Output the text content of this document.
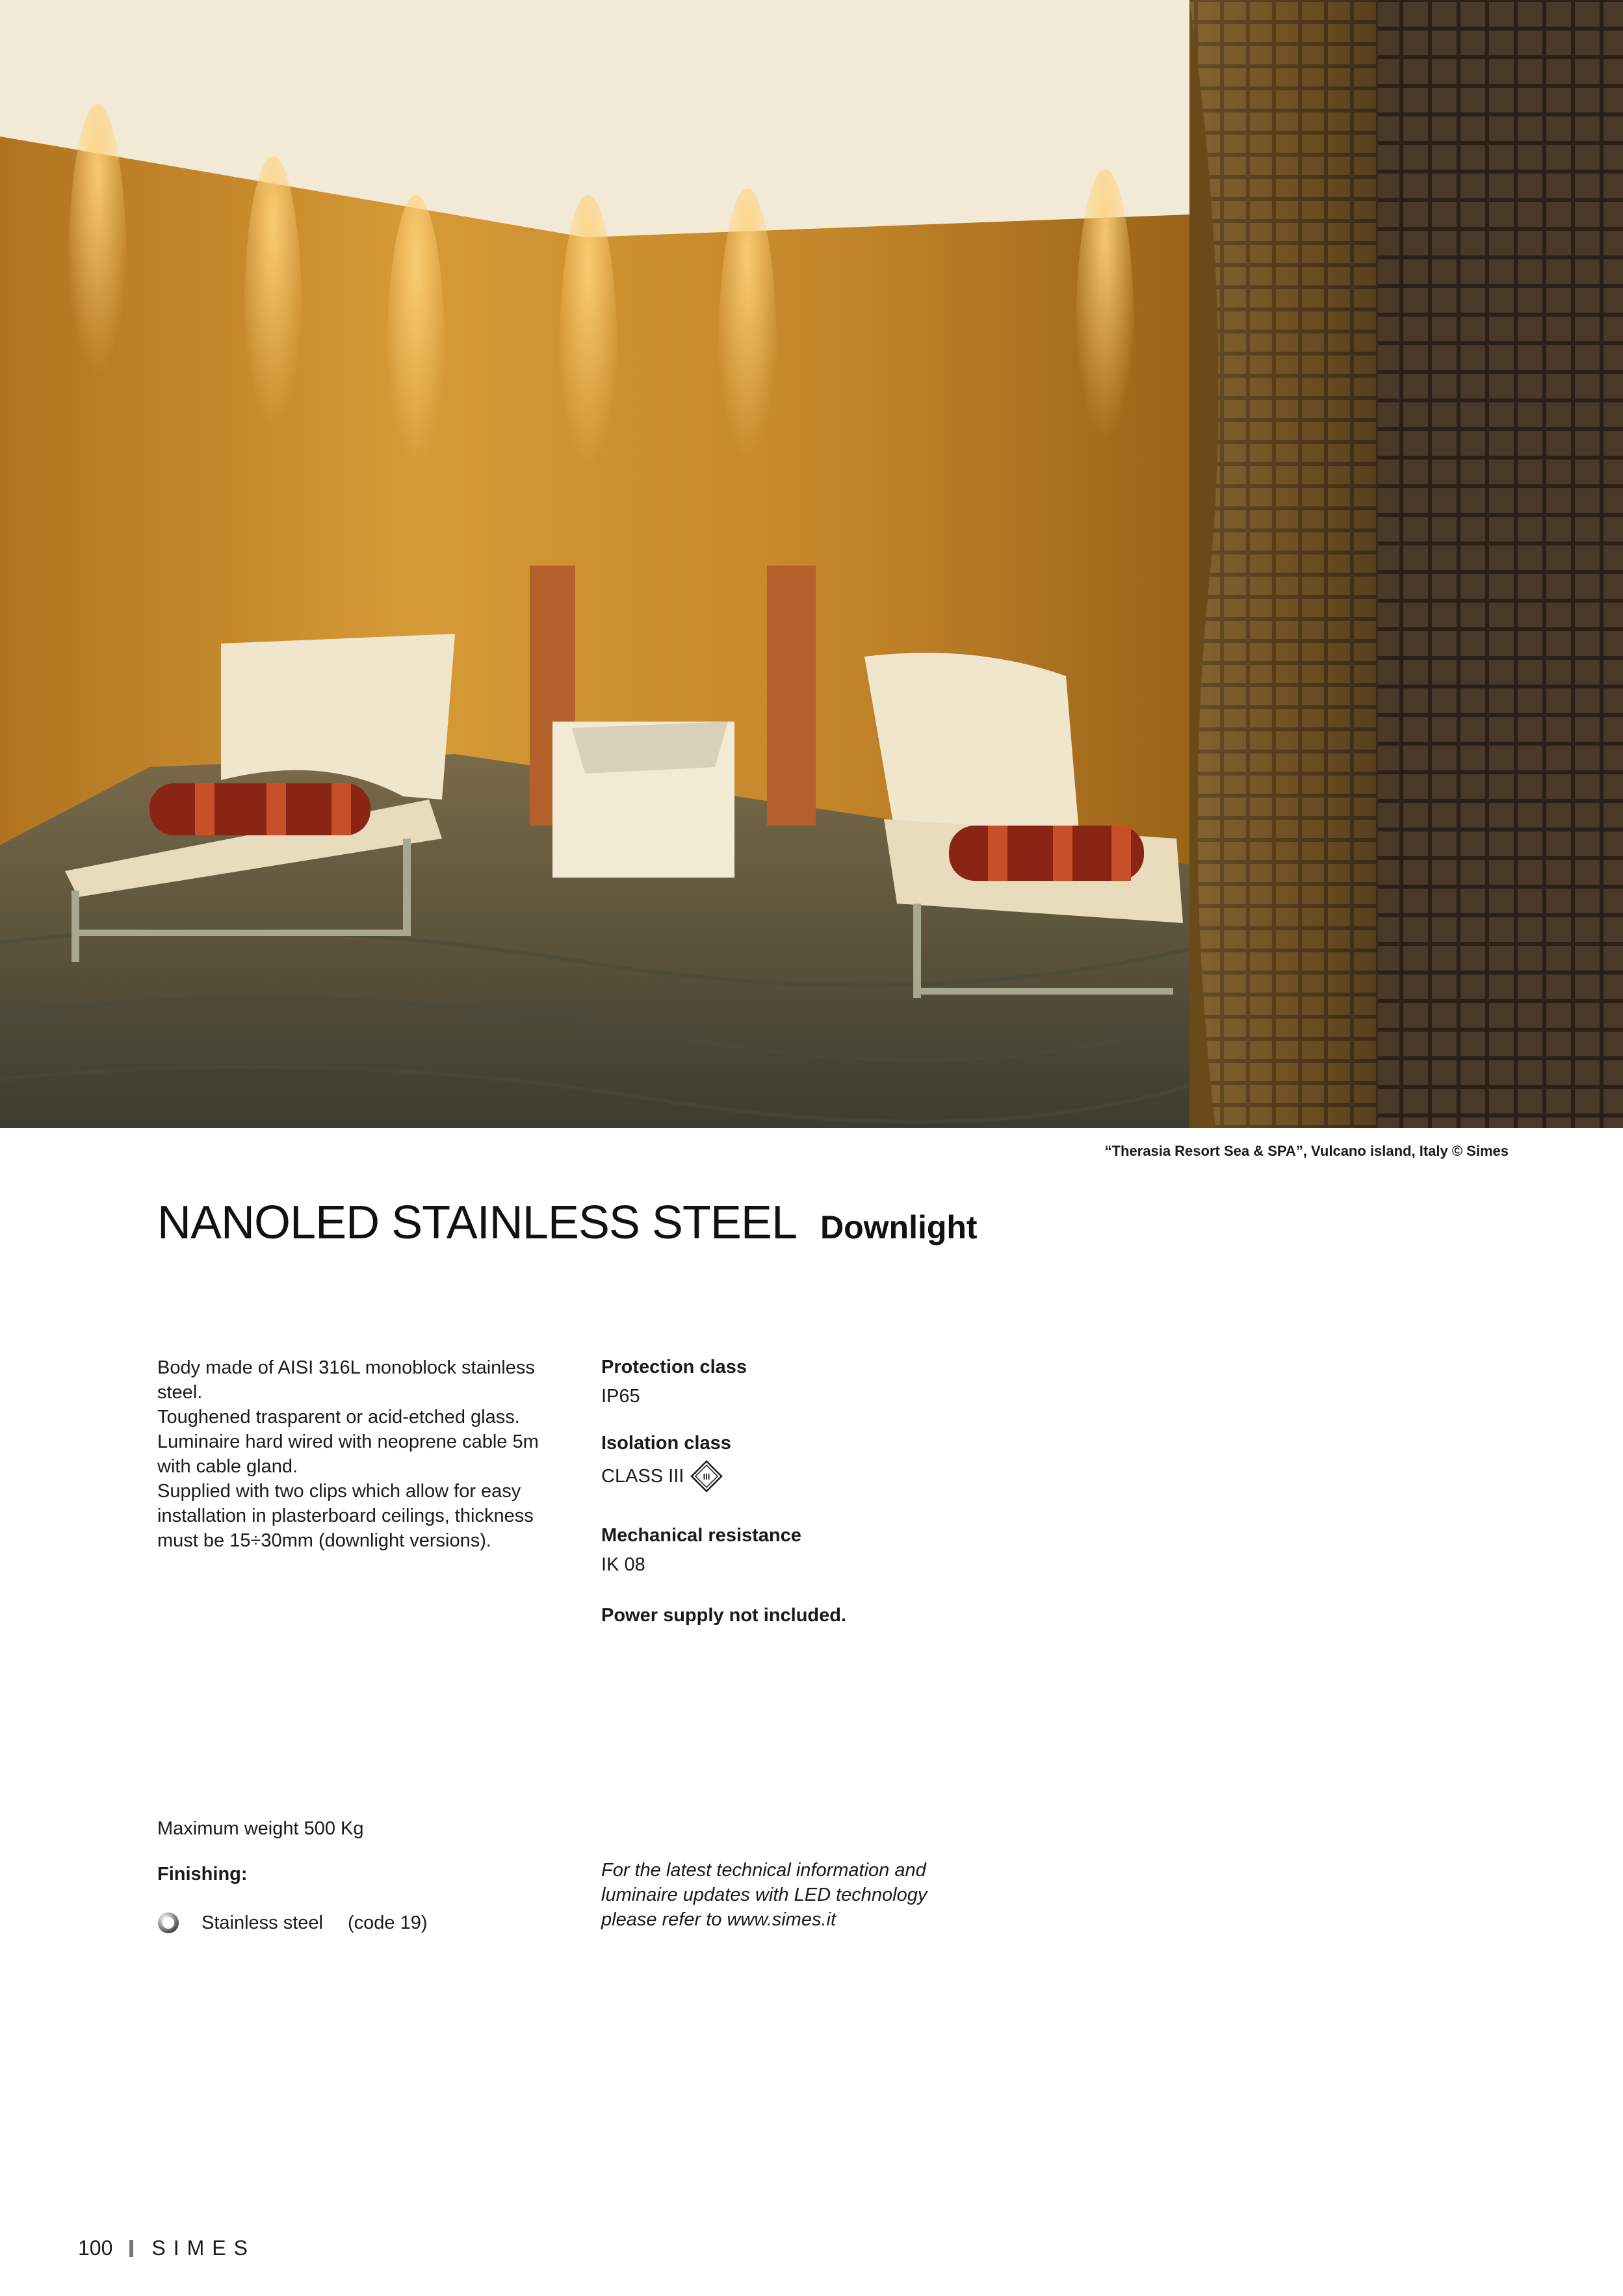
“Therasia Resort Sea & SPA”, Vulcano island, Italy © Simes
NANOLED STAINLESS STEEL Downlight

Body made of AISI 316L monoblock stainless steel.

Toughened trasparent or acid-etched glass.

Luminaire hard wired with neoprene cable 5m with cable gland.

Supplied with two clips which allow for easy installation in plasterboard ceilings, thickness must be 15÷30mm (downlight versions).

Protection class
IP65
Isolation class
CLASS III III
Mechanical resistance
IK 08
Power supply not included.
Maximum weight 500 Kg
Finishing:
Stainless steel (code 19)
For the latest technical information and luminaire updates with LED technology please refer to www.simes.it
100 SIMES
